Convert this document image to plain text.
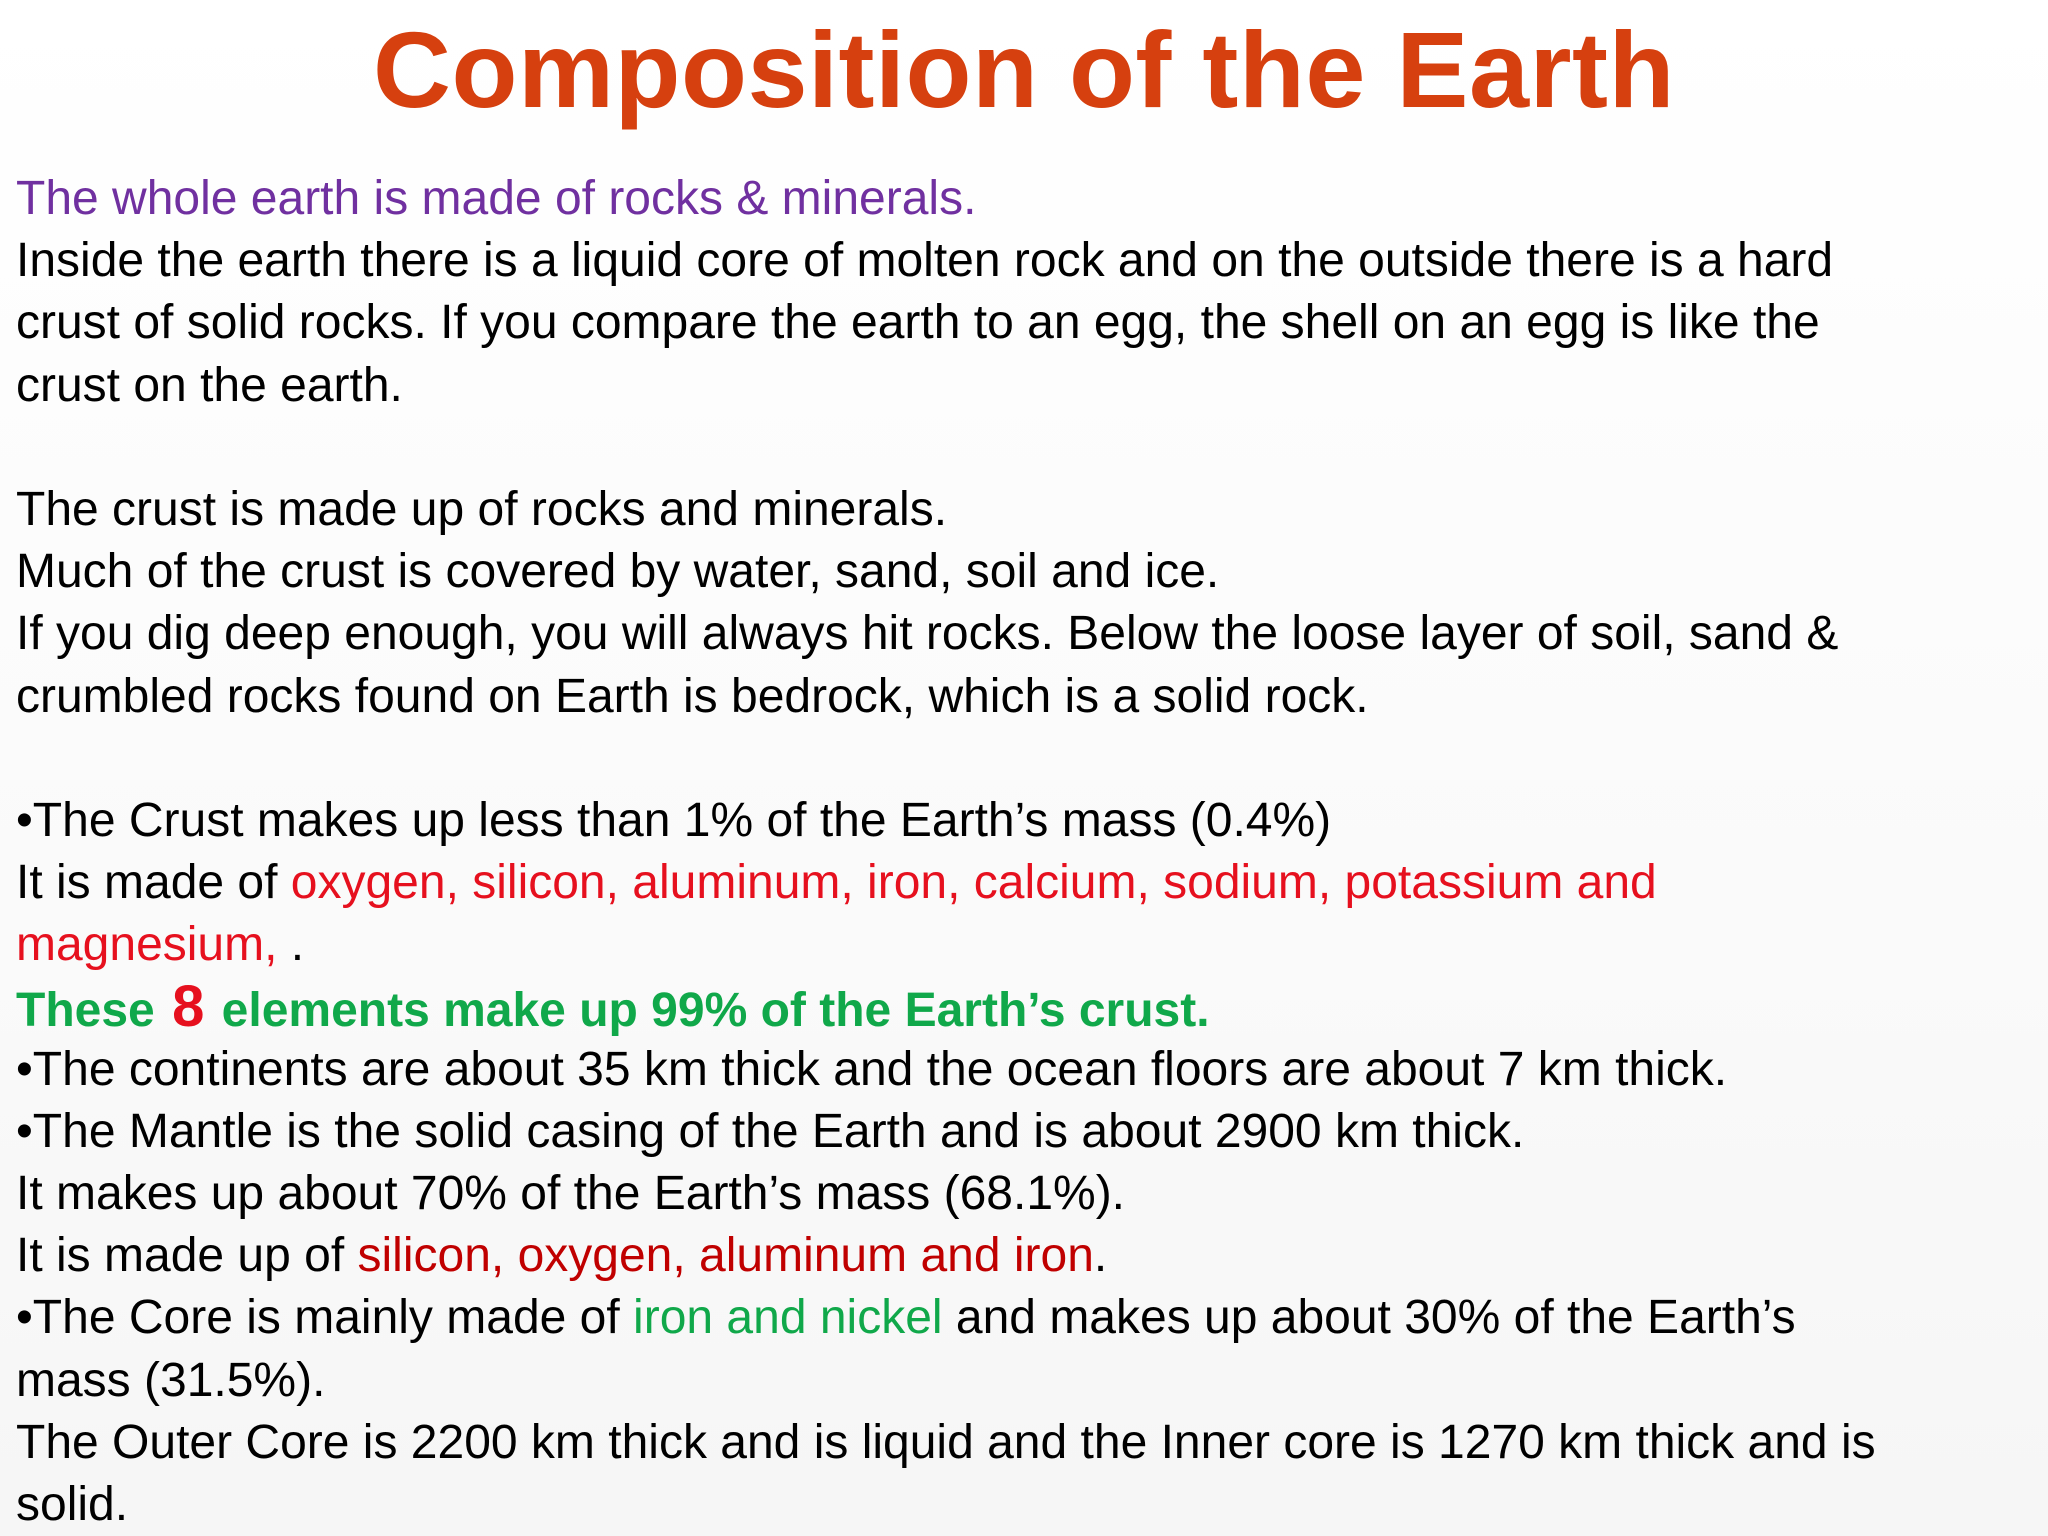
Composition of the Earth
The whole earth is made of rocks & minerals.
Inside the earth there is a liquid core of molten rock and on the outside there is a hard
crust of solid rocks. If you compare the earth to an egg, the shell on an egg is like the
crust on the earth.
The crust is made up of rocks and minerals.
Much of the crust is covered by water, sand, soil and ice.
If you dig deep enough, you will always hit rocks. Below the loose layer of soil, sand &
crumbled rocks found on Earth is bedrock, which is a solid rock.
•The Crust makes up less than 1% of the Earth’s mass (0.4%)
It is made of oxygen, silicon, aluminum, iron, calcium, sodium, potassium and
magnesium, .
These 8 elements make up 99% of the Earth’s crust.
•The continents are about 35 km thick and the ocean floors are about 7 km thick.
•The Mantle is the solid casing of the Earth and is about 2900 km thick.
It makes up about 70% of the Earth’s mass (68.1%).
It is made up of silicon, oxygen, aluminum and iron.
•The Core is mainly made of iron and nickel and makes up about 30% of the Earth’s
mass (31.5%).
The Outer Core is 2200 km thick and is liquid and the Inner core is 1270 km thick and is
solid.
